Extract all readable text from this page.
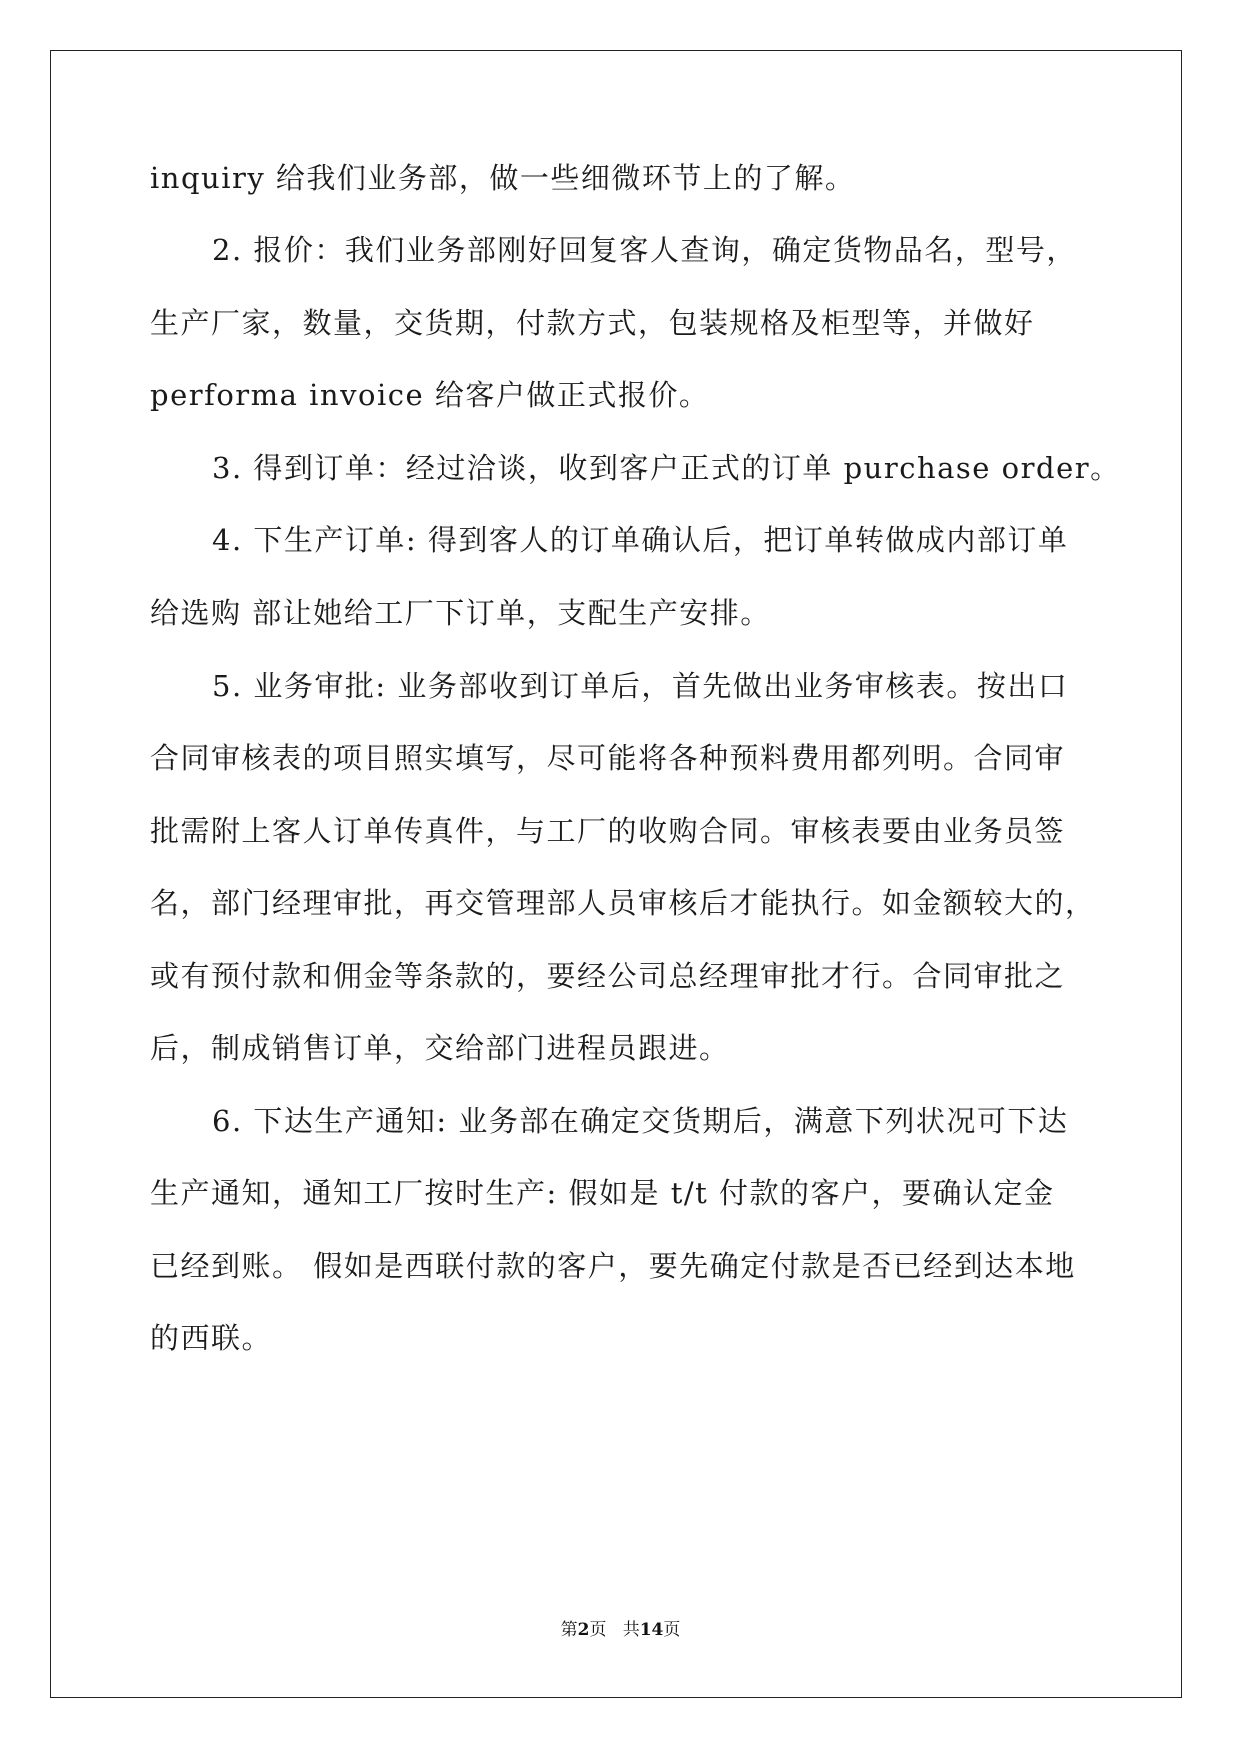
inquiry 给我们业务部，做一些细微环节上的了解。
2. 报价：我们业务部刚好回复客人查询，确定货物品名，型号，
生产厂家，数量，交货期，付款方式，包装规格及柜型等，并做好
performa invoice 给客户做正式报价。
3. 得到订单：经过洽谈，收到客户正式的订单 purchase order。
4. 下生产订单: 得到客人的订单确认后，把订单转做成内部订单
给选购 部让她给工厂下订单，支配生产安排。
5. 业务审批: 业务部收到订单后，首先做出业务审核表。按出口
合同审核表的项目照实填写，尽可能将各种预料费用都列明。合同审
批需附上客人订单传真件，与工厂的收购合同。审核表要由业务员签
名，部门经理审批，再交管理部人员审核后才能执行。如金额较大的，
或有预付款和佣金等条款的，要经公司总经理审批才行。合同审批之
后，制成销售订单，交给部门进程员跟进。
6. 下达生产通知: 业务部在确定交货期后，满意下列状况可下达
生产通知，通知工厂按时生产: 假如是 t/t 付款的客户，要确认定金
已经到账。 假如是西联付款的客户，要先确定付款是否已经到达本地
的西联。
第2页 共14页
